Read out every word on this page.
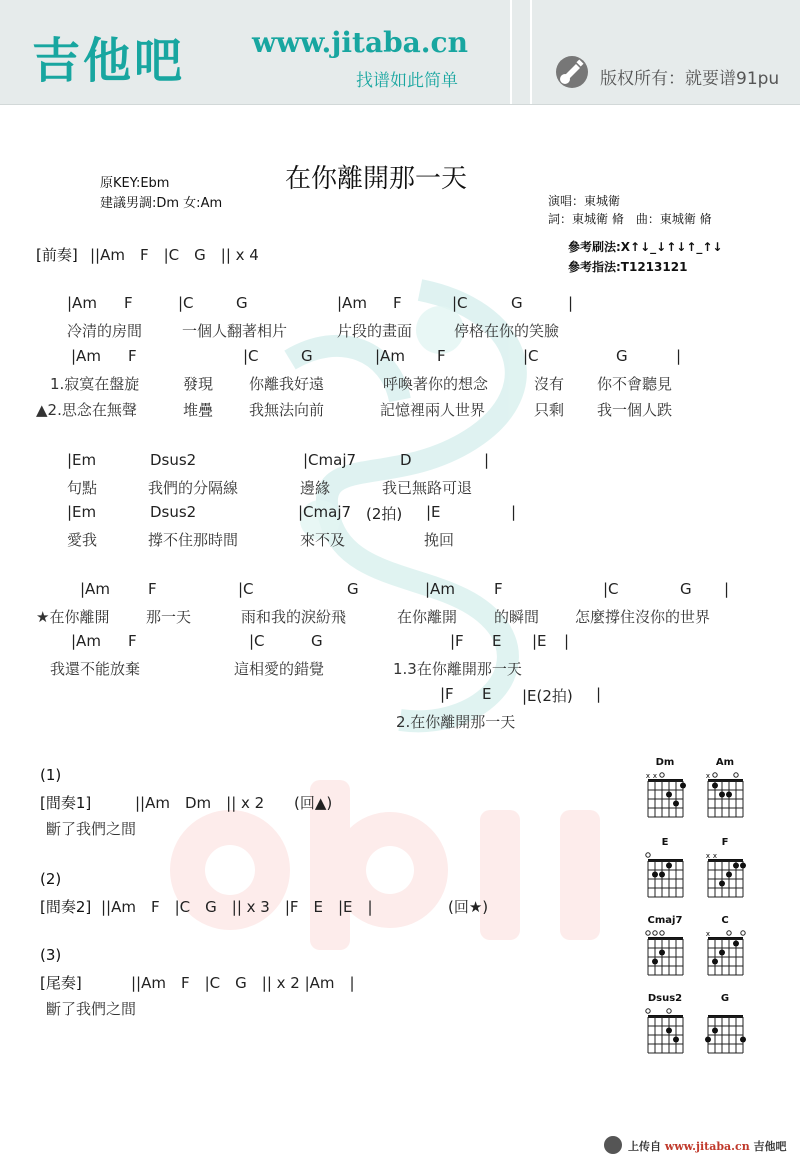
吉他吧 www.jitaba.cn
找谱如此简单	版权所有：就要谱91pu
在你離開那一天
原KEY:Ebm
建議男調:Dm 女:Am	演唱：東城衛
詞：東城衛 脩　曲：東城衛 脩
參考刷法:X↑↓_↓↑↓↑_↑↓
參考指法:T1213121
[前奏] ||Am　F　|C　G　|| x 4
|Am F	|C	G	|Am F	|C	G	|
冷清的房間	一個人翻著相片	片段的畫面	停格在你的笑臉
|Am F	|C	G	|Am F	|C	G	|
1.寂寞在盤旋	發現 你離我好遠	呼喚著你的想念	沒有 你不會聽見
▲2.思念在無聲	堆疊 我無法向前	記憶裡兩人世界	只剩 我一個人跌
|Em	Dsus2	|Cmaj7	D	|
句點	我們的分隔線	邊緣	我已無路可退
|Em	Dsus2	|Cmaj7 (2拍) |E	|
愛我	撐不住那時間	來不及	挽回
|Am	F	|C	G	|Am	F	|C	G |
★在你離開 那一天	雨和我的淚紛飛	在你離開 的瞬間 怎麼撐住沒你的世界
|Am F	|C	G	|F E |E |
我還不能放棄	這相愛的錯覺	1.3在你離開那一天
|F E |E(2拍) |
2.在你離開那一天
(1)
[間奏1]	||Am　Dm　|| x 2 (回▲)
斷了我們之間
(2)
[間奏2] ||Am　F　|C　G　|| x 3　|F　E　|E　|	(回★)
(3)
[尾奏]	||Am　F　|C　G　|| x 2 |Am　|
斷了我們之間
上传自 www.jitaba.cn 吉他吧
Dm
x x
Am
x
E	F
x x
Cmaj7	C
x
Dsus2	G
